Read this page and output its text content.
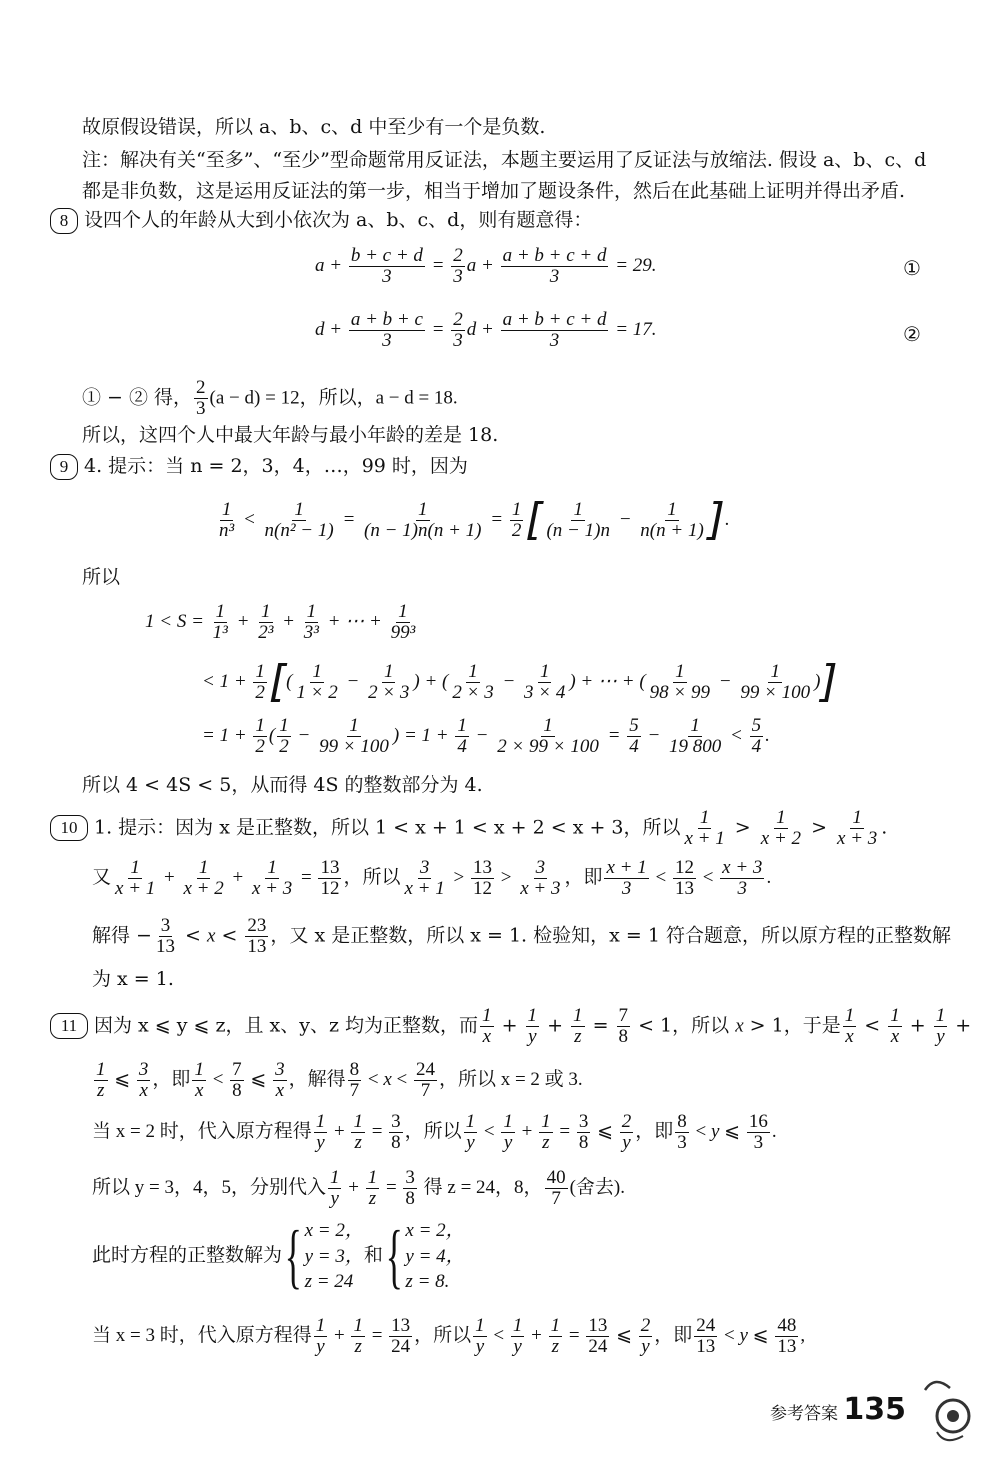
故原假设错误，所以 a、b、c、d 中至少有一个是负数.
注：解决有关“至多”、“至少”型命题常用反证法，本题主要运用了反证法与放缩法. 假设 a、b、c、d
都是非负数，这是运用反证法的第一步，相当于增加了题设条件，然后在此基础上证明并得出矛盾.
8 设四个人的年龄从大到小依次为 a、b、c、d，则有题意得：
$a + \frac{b + c + d}{3} = \frac{2}{3}$ $a + \frac{a + b + c + d}{3} = 29$.	①
$d + \frac{a + b + c}{3} = \frac{2}{3}$ $d + \frac{a + b + c + d}{3} = 17$.	②
① − ② 得， $\frac{2}{3} (a - d) = 12$，所以，a − d = 18.
所以，这四个人中最大年龄与最小年龄的差是 18.
9 4. 提示：当 n = 2，3，4，…，99 时，因为
$\frac{1}{\text{n³}} < \frac{1}{\text{n(n² − 1)}} = \frac{1}{(n - 1)n(n + 1)} = \frac{1}{2}$ [ $\frac{1}{(n - 1)n} - \frac{1}{n(n + 1)}$ ].
所以
$1 < S = \frac{1}{\text{1³}} + \frac{1}{\text{2³}} + \frac{1}{\text{3³}}$ + ⋯ + $\frac{1}{\text{99³}}$
< $1 + \frac{1}{2}$ [( $\frac{1}{1 \times 2} - \frac{1}{2 \times 3}$ ) + ( $\frac{1}{2 \times 3} - \frac{1}{3 \times 4}$ ) + ⋯ + ( $\frac{1}{98 \times 99} - \frac{1}{99 \times 100}$ )]
= $1 + \frac{1}{2}$ ( $\frac{1}{2} - \frac{1}{99 \times 100}$ ) = $1 + \frac{1}{4} - \frac{1}{2 \times 99 \times 100} = \frac{5}{4} - \frac{1}{19 800} < \frac{5}{4}$ .
所以 4 < 4S < 5，从而得 4S 的整数部分为 4.
10 1. 提示：因为 x 是正整数，所以 1 < x + 1 < x + 2 < x + 3，所以 $\frac{1}{x + 1} > \frac{1}{x + 2} > \frac{1}{x + 3}$ .
又 $\frac{1}{x + 1} + \frac{1}{x + 2} + \frac{1}{x + 3} = \frac{13}{12}$ ，所以 $\frac{3}{x + 1} > \frac{13}{12} > \frac{3}{x + 3}$ ，即 $\frac{x + 1}{3} < \frac{12}{13} < \frac{x + 3}{3}$ .
解得 − $\frac{3}{13} < x < \frac{23}{13}$ ，又 x 是正整数，所以 x = 1. 检验知，x = 1 符合题意，所以原方程的正整数解
为 x = 1.
11 因为 x ⩽ y ⩽ z，且 x、y、z 均为正整数，而 $\frac{1}{x} + \frac{1}{y} + \frac{1}{z} = \frac{7}{8} < 1$，所以 x > 1，于是 $\frac{1}{x} < \frac{1}{x} + \frac{1}{y}$ +
$\frac{1}{z}$ ⩽ $\frac{3}{x}$ ，即 $\frac{1}{x} < \frac{7}{8}$ ⩽ $\frac{3}{x}$ ，解得 $\frac{8}{7} < x < \frac{24}{7}$ ，所以 x = 2 或 3.
当 x = 2 时，代入原方程得 $\frac{1}{y} + \frac{1}{z} = \frac{3}{8}$ ，所以 $\frac{1}{y} < \frac{1}{y} + \frac{1}{z} = \frac{3}{8}$ ⩽ $\frac{2}{y}$ ，即 $\frac{8}{3} < y$ ⩽ $\frac{16}{3}$ .
所以 y = 3，4，5，分别代入 $\frac{1}{y} + \frac{1}{z} = \frac{3}{8}$ 得 z = 24，8， $\frac{40}{7}$ (舍去).
此时方程的正整数解为{ x = 2，
y = 3，
z = 24
和{ x = 2，
y = 4，
z = 8.
当 x = 3 时，代入原方程得 $\frac{1}{y} + \frac{1}{z} = \frac{13}{24}$ ，所以 $\frac{1}{y} < \frac{1}{y} + \frac{1}{z} = \frac{13}{24}$ ⩽ $\frac{2}{y}$ ，即 $\frac{24}{13} < y$ ⩽ $\frac{48}{13}$ ,
参考答案 135
